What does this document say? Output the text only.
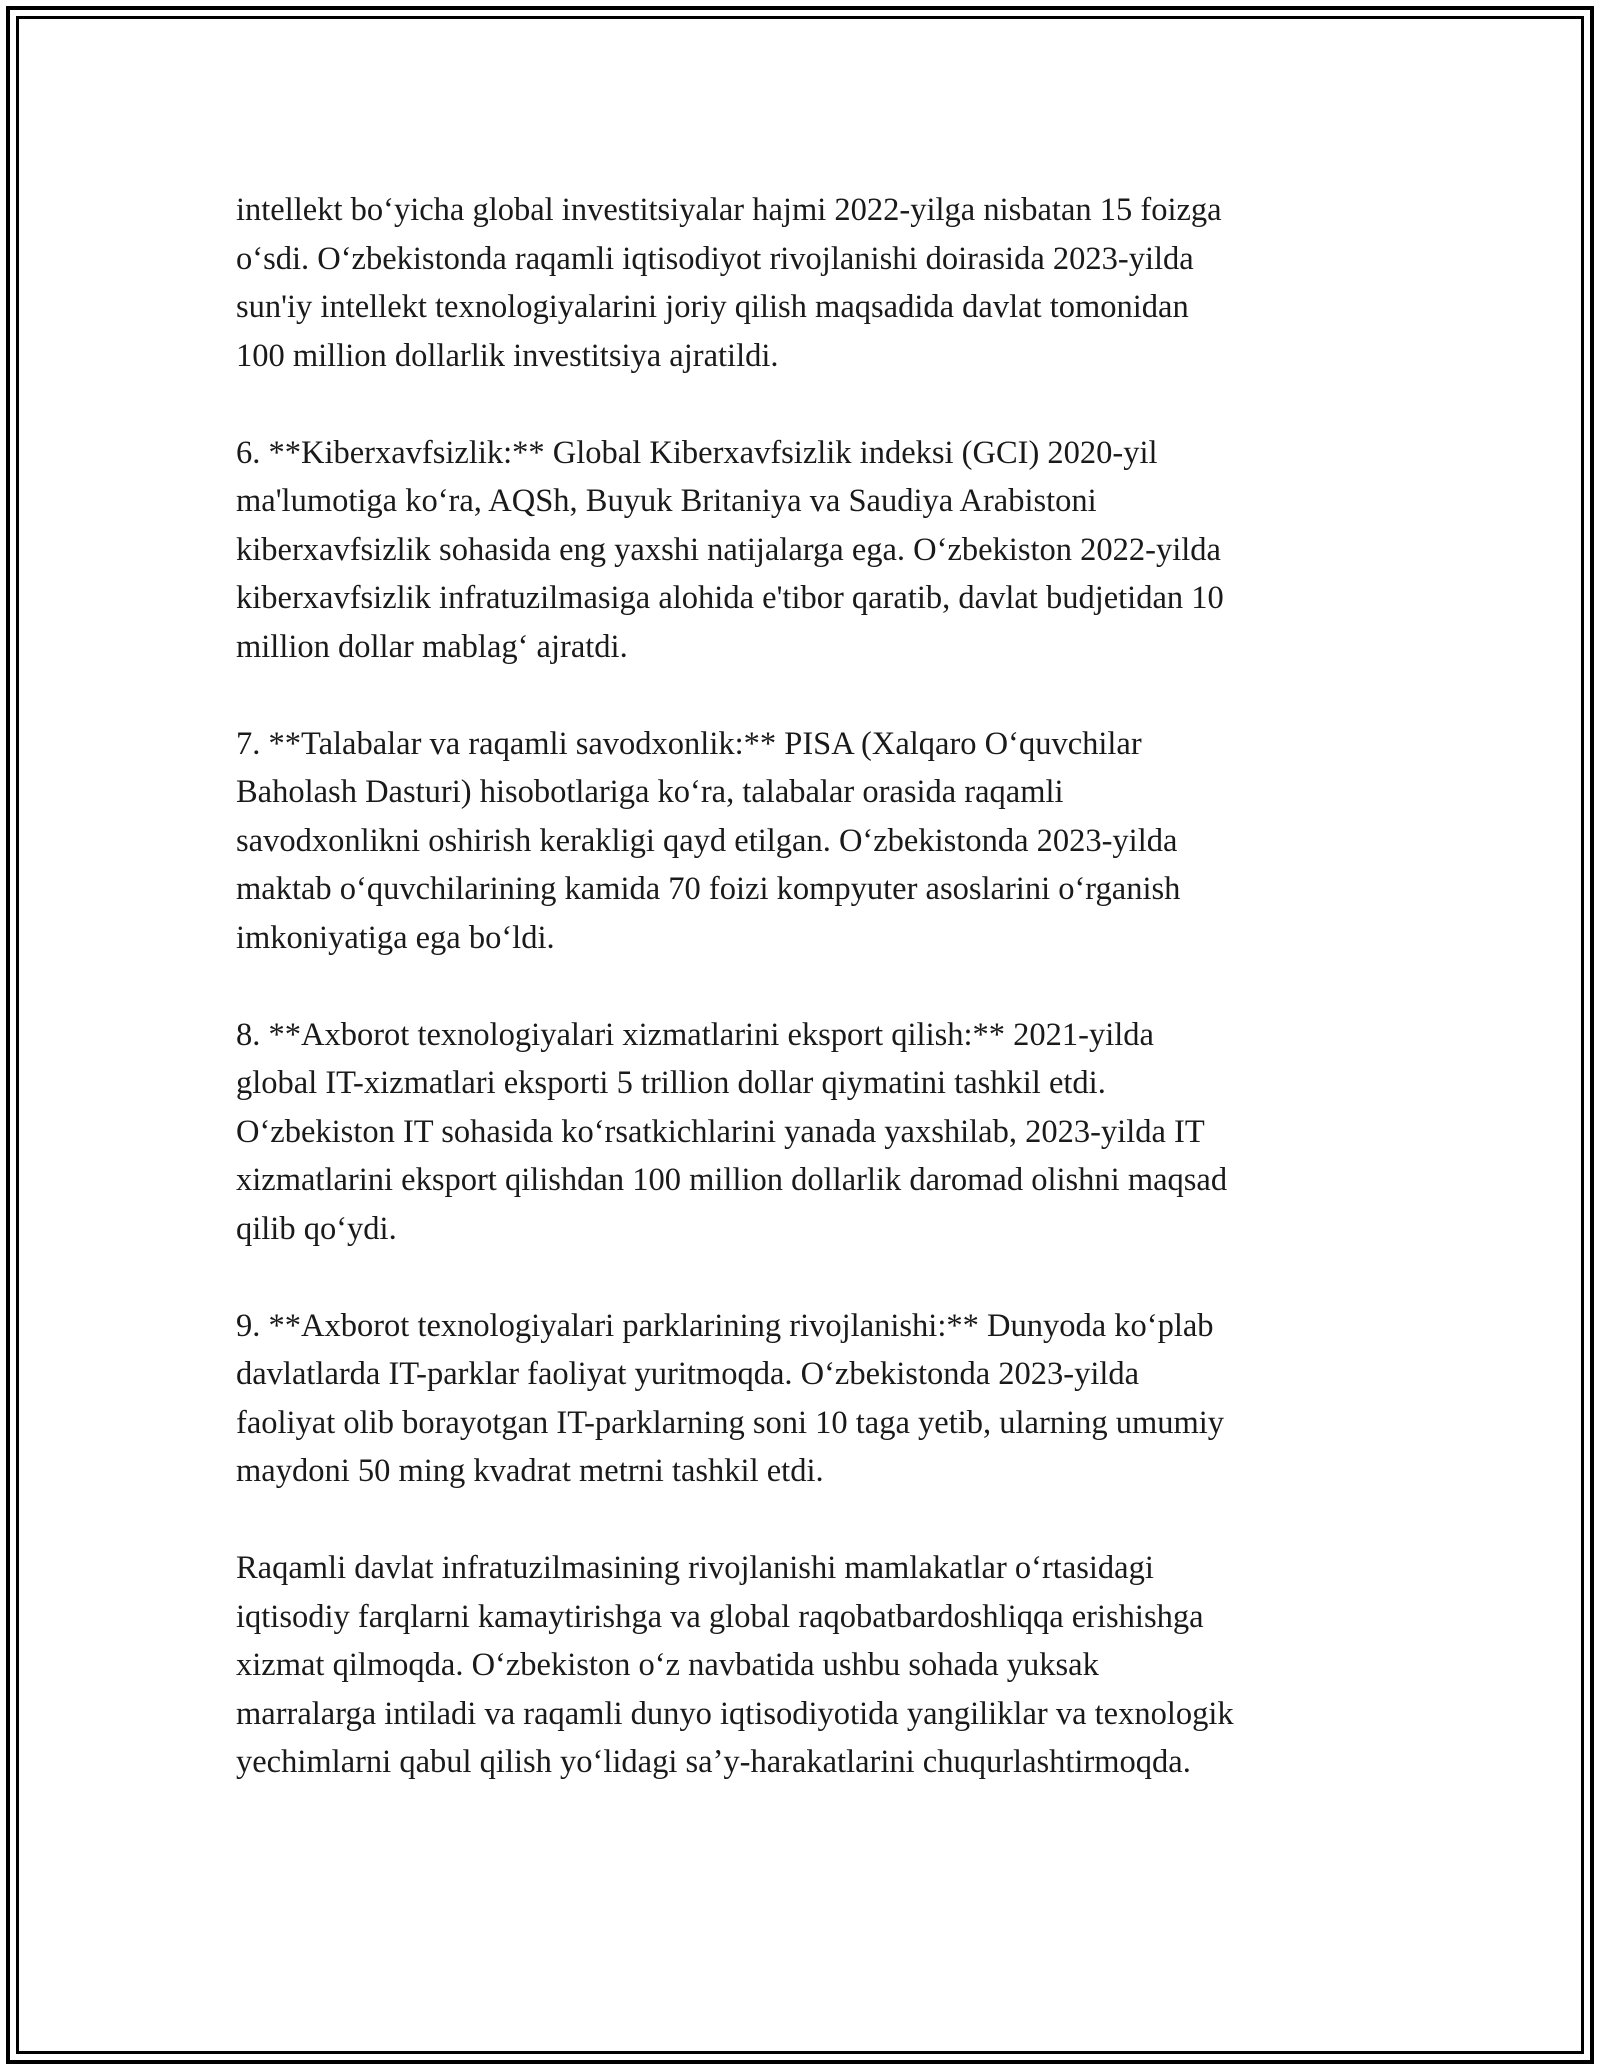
intellekt boʻyicha global investitsiyalar hajmi 2022-yilga nisbatan 15 foizga
oʻsdi. Oʻzbekistonda raqamli iqtisodiyot rivojlanishi doirasida 2023-yilda
sun'iy intellekt texnologiyalarini joriy qilish maqsadida davlat tomonidan
100 million dollarlik investitsiya ajratildi.

6. **Kiberxavfsizlik:** Global Kiberxavfsizlik indeksi (GCI) 2020-yil
ma'lumotiga koʻra, AQSh, Buyuk Britaniya va Saudiya Arabistoni
kiberxavfsizlik sohasida eng yaxshi natijalarga ega. Oʻzbekiston 2022-yilda
kiberxavfsizlik infratuzilmasiga alohida e'tibor qaratib, davlat budjetidan 10
million dollar mablagʻ ajratdi.

7. **Talabalar va raqamli savodxonlik:** PISA (Xalqaro Oʻquvchilar
Baholash Dasturi) hisobotlariga koʻra, talabalar orasida raqamli
savodxonlikni oshirish kerakligi qayd etilgan. Oʻzbekistonda 2023-yilda
maktab oʻquvchilarining kamida 70 foizi kompyuter asoslarini oʻrganish
imkoniyatiga ega boʻldi.

8. **Axborot texnologiyalari xizmatlarini eksport qilish:** 2021-yilda
global IT-xizmatlari eksporti 5 trillion dollar qiymatini tashkil etdi.
Oʻzbekiston IT sohasida koʻrsatkichlarini yanada yaxshilab, 2023-yilda IT
xizmatlarini eksport qilishdan 100 million dollarlik daromad olishni maqsad
qilib qoʻydi.

9. **Axborot texnologiyalari parklarining rivojlanishi:** Dunyoda koʻplab
davlatlarda IT-parklar faoliyat yuritmoqda. Oʻzbekistonda 2023-yilda
faoliyat olib borayotgan IT-parklarning soni 10 taga yetib, ularning umumiy
maydoni 50 ming kvadrat metrni tashkil etdi.

Raqamli davlat infratuzilmasining rivojlanishi mamlakatlar oʻrtasidagi
iqtisodiy farqlarni kamaytirishga va global raqobatbardoshliqqa erishishga
xizmat qilmoqda. Oʻzbekiston oʻz navbatida ushbu sohada yuksak
marralarga intiladi va raqamli dunyo iqtisodiyotida yangiliklar va texnologik
yechimlarni qabul qilish yoʻlidagi saʼy-harakatlarini chuqurlashtirmoqda.
